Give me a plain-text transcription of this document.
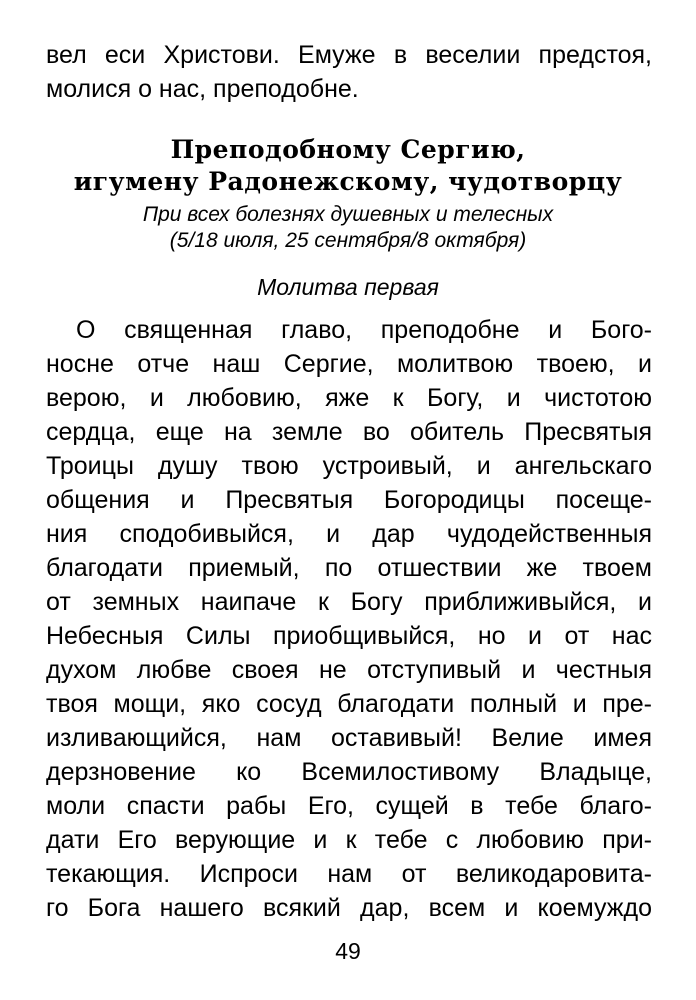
вел еси Христови. Емуже в веселии предстоя,
молися о нас, преподобне.
Преподобному Сергию,
игумену Радонежскому, чудотворцу
При всех болезнях душевных и телесных
(5/18 июля, 25 сентября/8 октября)
Молитва первая
О священная главо, преподобне и Бого-
носне отче наш Сергие, молитвою твоею, и
верою, и любовию, яже к Богу, и чистотою
сердца, еще на земле во обитель Пресвятыя
Троицы душу твою устроивый, и ангельскаго
общения и Пресвятыя Богородицы посеще-
ния сподобивыйся, и дар чудодейственныя
благодати приемый, по отшествии же твоем
от земных наипаче к Богу приближивыйся, и
Небесныя Силы приобщивыйся, но и от нас
духом любве своея не отступивый и честныя
твоя мощи, яко сосуд благодати полный и пре-
изливающийся, нам оставивый! Велие имея
дерзновение ко Всемилостивому Владыце,
моли спасти рабы Его, сущей в тебе благо-
дати Его верующие и к тебе с любовию при-
текающия. Испроси нам от великодаровита-
го Бога нашего всякий дар, всем и коемуждо
49
